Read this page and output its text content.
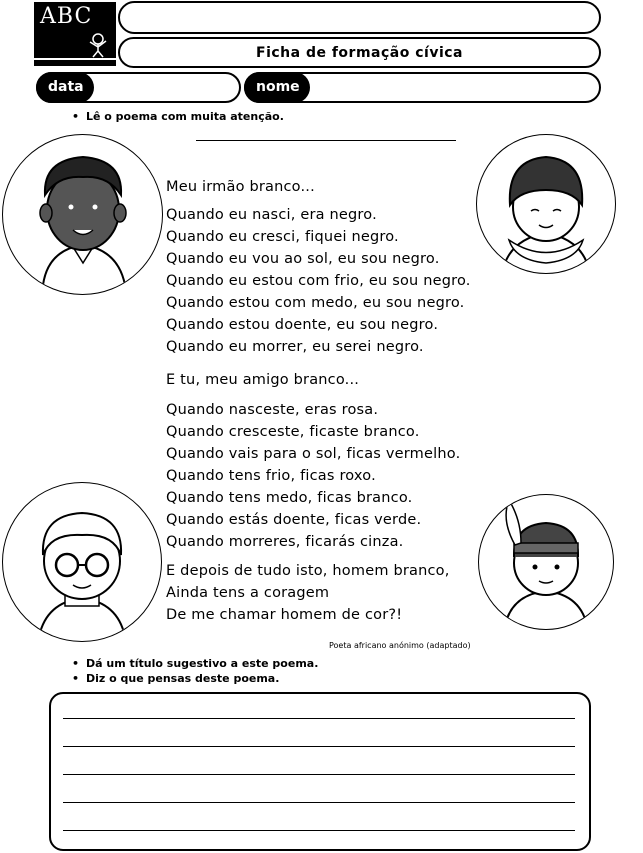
ABC
Ficha de formação cívica
data	nome
• Lê o poema com muita atenção.
Meu irmão branco...
Quando eu nasci, era negro.
Quando eu cresci, fiquei negro.
Quando eu vou ao sol, eu sou negro.
Quando eu estou com frio, eu sou negro.
Quando estou com medo, eu sou negro.
Quando estou doente, eu sou negro.
Quando eu morrer, eu serei negro.
E tu, meu amigo branco...
Quando nasceste, eras rosa.
Quando cresceste, ficaste branco.
Quando vais para o sol, ficas vermelho.
Quando tens frio, ficas roxo.
Quando tens medo, ficas branco.
Quando estás doente, ficas verde.
Quando morreres, ficarás cinza.
E depois de tudo isto, homem branco,
Ainda tens a coragem
De me chamar homem de cor?!
Poeta africano anónimo (adaptado)
• Dá um título sugestivo a este poema.
• Diz o que pensas deste poema.
